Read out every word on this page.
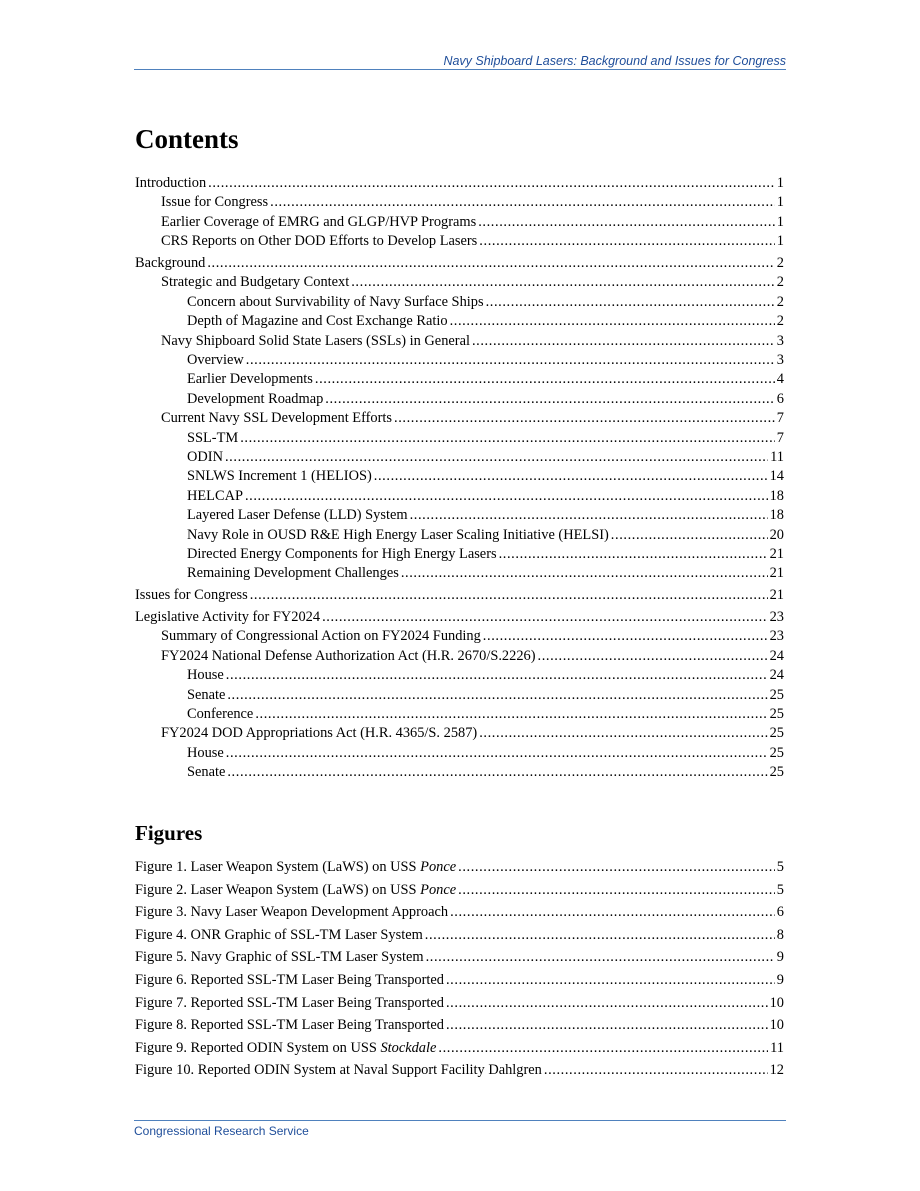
Navy Shipboard Lasers: Background and Issues for Congress
Contents
Introduction .....	1
Issue for Congress .....	1
Earlier Coverage of EMRG and GLGP/HVP Programs .....	1
CRS Reports on Other DOD Efforts to Develop Lasers .....	1
Background .....	2
Strategic and Budgetary Context .....	2
Concern about Survivability of Navy Surface Ships .....	2
Depth of Magazine and Cost Exchange Ratio .....	2
Navy Shipboard Solid State Lasers (SSLs) in General .....	3
Overview .....	3
Earlier Developments .....	4
Development Roadmap .....	6
Current Navy SSL Development Efforts .....	7
SSL-TM .....	7
ODIN .....	11
SNLWS Increment 1 (HELIOS) .....	14
HELCAP .....	18
Layered Laser Defense (LLD) System .....	18
Navy Role in OUSD R&E High Energy Laser Scaling Initiative (HELSI) .....	20
Directed Energy Components for High Energy Lasers .....	21
Remaining Development Challenges .....	21
Issues for Congress .....	21
Legislative Activity for FY2024 .....	23
Summary of Congressional Action on FY2024 Funding .....	23
FY2024 National Defense Authorization Act (H.R. 2670/S.2226) .....	24
House .....	24
Senate .....	25
Conference .....	25
FY2024 DOD Appropriations Act (H.R. 4365/S. 2587) .....	25
House .....	25
Senate .....	25
Figures
Figure 1. Laser Weapon System (LaWS) on USS Ponce .....	5
Figure 2. Laser Weapon System (LaWS) on USS Ponce .....	5
Figure 3. Navy Laser Weapon Development Approach .....	6
Figure 4. ONR Graphic of SSL-TM Laser System .....	8
Figure 5. Navy Graphic of SSL-TM Laser System .....	9
Figure 6. Reported SSL-TM Laser Being Transported .....	9
Figure 7. Reported SSL-TM Laser Being Transported .....	10
Figure 8. Reported SSL-TM Laser Being Transported .....	10
Figure 9. Reported ODIN System on USS Stockdale .....	11
Figure 10. Reported ODIN System at Naval Support Facility Dahlgren .....	12
Congressional Research Service
